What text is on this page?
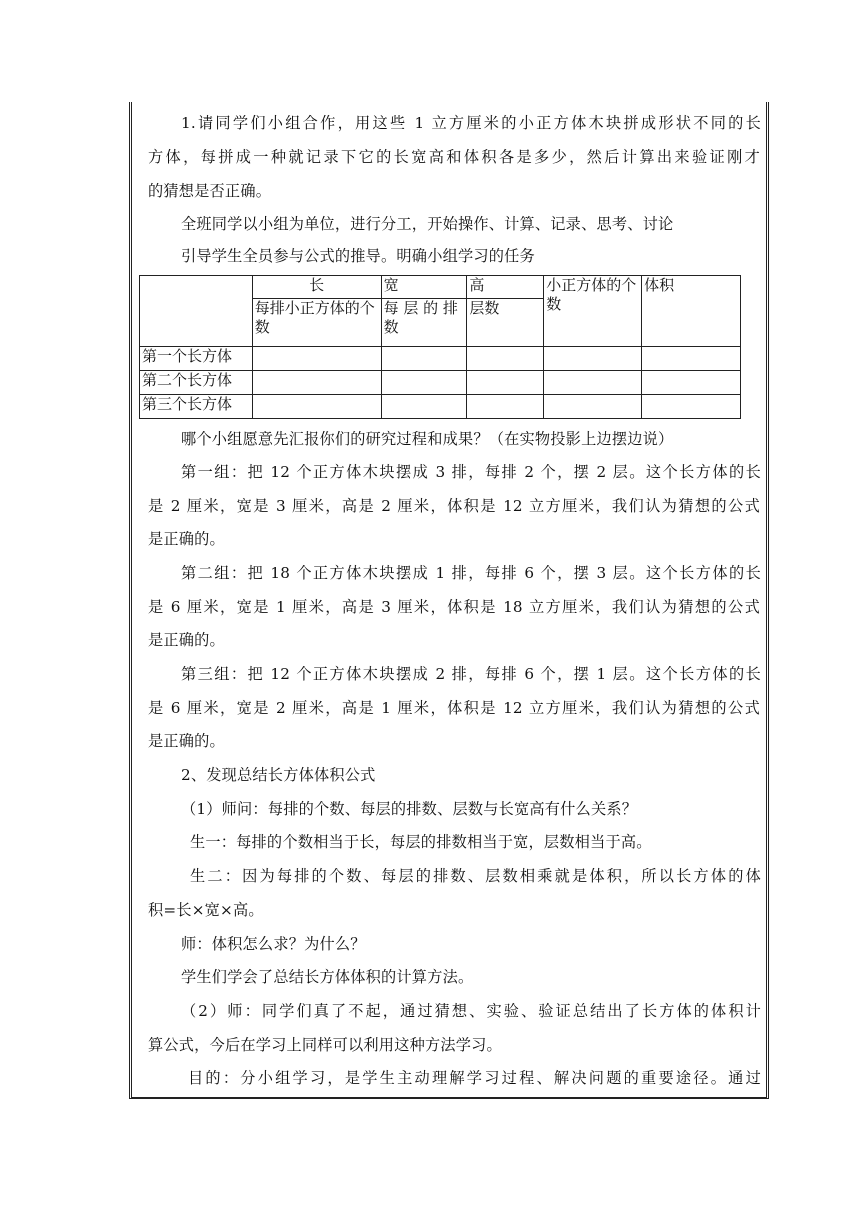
1.请同学们小组合作，用这些 1 立方厘米的小正方体木块拼成形状不同的长
方体，每拼成一种就记录下它的长宽高和体积各是多少，然后计算出来验证刚才
的猜想是否正确。
全班同学以小组为单位，进行分工，开始操作、计算、记录、思考、讨论
引导学生全员参与公式的推导。明确小组学习的任务
	长	宽	高	小正方体的个数	体积
	每排小正方体的个数	每 层 的 排数	层数		
第一个长方体					
第二个长方体					
第三个长方体					
哪个小组愿意先汇报你们的研究过程和成果？（在实物投影上边摆边说）
第一组：把 12 个正方体木块摆成 3 排，每排 2 个，摆 2 层。这个长方体的长
是 2 厘米，宽是 3 厘米，高是 2 厘米，体积是 12 立方厘米，我们认为猜想的公式
是正确的。
第二组：把 18 个正方体木块摆成 1 排，每排 6 个，摆 3 层。这个长方体的长
是 6 厘米，宽是 1 厘米，高是 3 厘米，体积是 18 立方厘米，我们认为猜想的公式
是正确的。
第三组：把 12 个正方体木块摆成 2 排，每排 6 个，摆 1 层。这个长方体的长
是 6 厘米，宽是 2 厘米，高是 1 厘米，体积是 12 立方厘米，我们认为猜想的公式
是正确的。
2、发现总结长方体体积公式
（1）师问：每排的个数、每层的排数、层数与长宽高有什么关系？
生一：每排的个数相当于长，每层的排数相当于宽，层数相当于高。
生二：因为每排的个数、每层的排数、层数相乘就是体积，所以长方体的体
积=长×宽×高。
师：体积怎么求？为什么？
学生们学会了总结长方体体积的计算方法。
（2）师：同学们真了不起，通过猜想、实验、验证总结出了长方体的体积计
算公式，今后在学习上同样可以利用这种方法学习。
目的：分小组学习，是学生主动理解学习过程、解决问题的重要途径。通过
